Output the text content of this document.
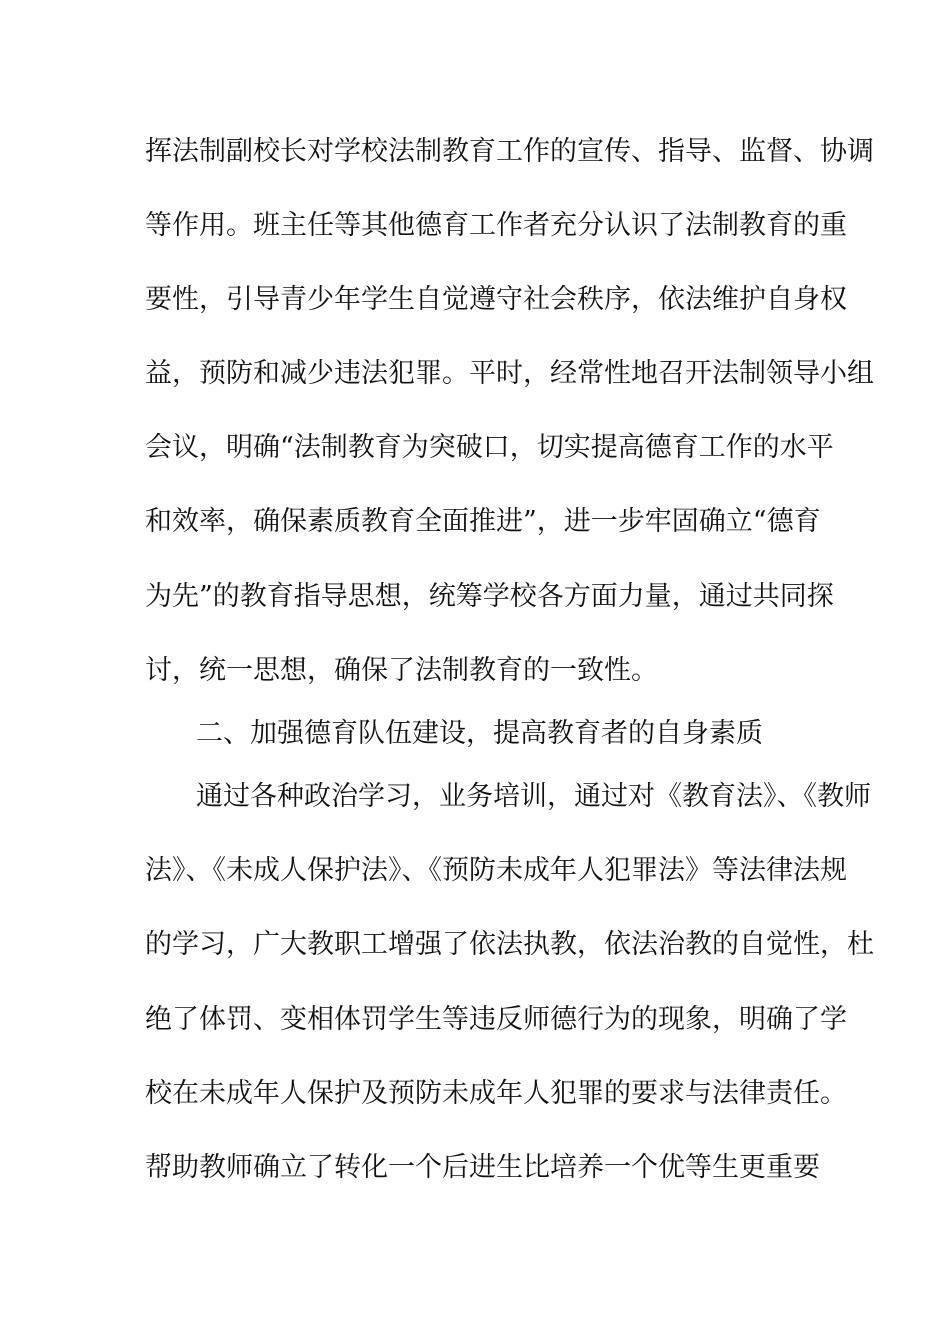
挥法制副校长对学校法制教育工作的宣传、指导、监督、协调
等作用。班主任等其他德育工作者充分认识了法制教育的重
要性，引导青少年学生自觉遵守社会秩序，依法维护自身权
益，预防和减少违法犯罪。平时，经常性地召开法制领导小组
会议，明确“法制教育为突破口，切实提高德育工作的水平
和效率，确保素质教育全面推进”，进一步牢固确立“德育
为先”的教育指导思想，统筹学校各方面力量，通过共同探
讨，统一思想，确保了法制教育的一致性。
二、加强德育队伍建设，提高教育者的自身素质
通过各种政治学习，业务培训，通过对《教育法》、《教师
法》、《未成人保护法》、《预防未成年人犯罪法》等法律法规
的学习，广大教职工增强了依法执教，依法治教的自觉性，杜
绝了体罚、变相体罚学生等违反师德行为的现象，明确了学
校在未成年人保护及预防未成年人犯罪的要求与法律责任。
帮助教师确立了转化一个后进生比培养一个优等生更重要
